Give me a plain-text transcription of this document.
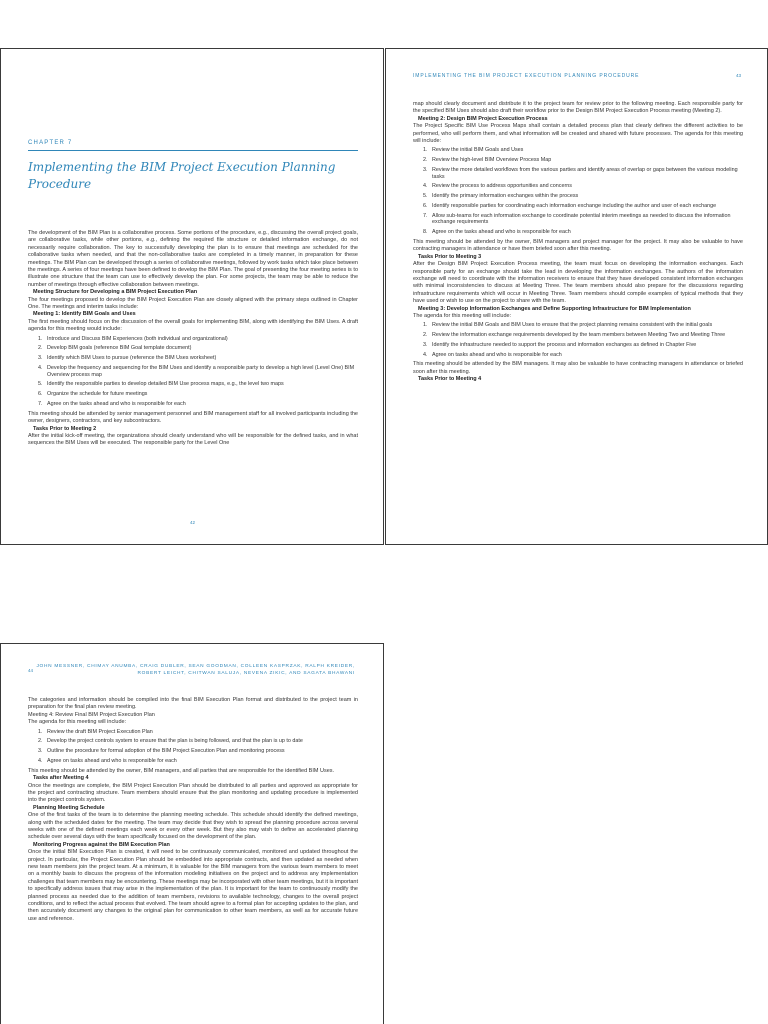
CHAPTER 7
Implementing the BIM Project Execution Planning Procedure

The development of the BIM Plan is a collaborative process. Some portions of the procedure, e.g., discussing the overall project goals, are collaborative tasks, while other portions, e.g., defining the required file structure or detailed information exchange, do not necessarily require collaboration. The key to successfully developing the plan is to ensure that meetings are scheduled for the collaborative tasks when needed, and that the non-collaborative tasks are completed in a timely manner, in preparation for these meetings. The BIM Plan can be developed through a series of collaborative meetings, followed by work tasks which take place between the meetings. A series of four meetings have been defined to develop the BIM Plan. The goal of presenting the four meeting series is to illustrate one structure that the team can use to effectively develop the plan. For some projects, the team may be able to reduce the number of meetings through effective collaboration between meetings.

Meeting Structure for Developing a BIM Project Execution Plan

The four meetings proposed to develop the BIM Project Execution Plan are closely aligned with the primary steps outlined in Chapter One. The meetings and interim tasks include:

Meeting 1: Identify BIM Goals and Uses

The first meeting should focus on the discussion of the overall goals for implementing BIM, along with identifying the BIM Uses. A draft agenda for this meeting would include:

1. Introduce and Discuss BIM Experiences (both individual and organizational)
2. Develop BIM goals (reference BIM Goal template document)
3. Identify which BIM Uses to pursue (reference the BIM Uses worksheet)
4. Develop the frequency and sequencing for the BIM Uses and identify a responsible party to develop a high level (Level One) BIM Overview process map
5. Identify the responsible parties to develop detailed BIM Use process maps, e.g., the level two maps
6. Organize the schedule for future meetings
7. Agree on the tasks ahead and who is responsible for each

This meeting should be attended by senior management personnel and BIM management staff for all involved participants including the owner, designers, contractors, and key subcontractors.

Tasks Prior to Meeting 2

After the initial kick-off meeting, the organizations should clearly understand who will be responsible for the defined tasks, and in what sequences the BIM Uses will be executed. The responsible party for the Level One

42
IMPLEMENTING THE BIM PROJECT EXECUTION PLANNING PROCEDURE	43

map should clearly document and distribute it to the project team for review prior to the following meeting. Each responsible party for the specified BIM Uses should also draft their workflow prior to the Design BIM Project Execution Process meeting (Meeting 2).

Meeting 2: Design BIM Project Execution Process

The Project Specific BIM Use Process Maps shall contain a detailed process plan that clearly defines the different activities to be performed, who will perform them, and what information will be created and shared with future processes. The agenda for this meeting will include:

1. Review the initial BIM Goals and Uses
2. Review the high-level BIM Overview Process Map
3. Review the more detailed workflows from the various parties and identify areas of overlap or gaps between the various modeling tasks
4. Review the process to address opportunities and concerns
5. Identify the primary information exchanges within the process
6. Identify responsible parties for coordinating each information exchange including the author and user of each exchange
7. Allow sub-teams for each information exchange to coordinate potential interim meetings as needed to discuss the information exchange requirements
8. Agree on the tasks ahead and who is responsible for each

This meeting should be attended by the owner, BIM managers and project manager for the project. It may also be valuable to have contracting managers in attendance or have them briefed soon after this meeting.

Tasks Prior to Meeting 3

After the Design BIM Project Execution Process meeting, the team must focus on developing the information exchanges. Each responsible party for an exchange should take the lead in developing the information exchanges. The authors of the information exchange will need to coordinate with the information receivers to ensure that they have developed consistent information exchanges with minimal inconsistencies to discuss at Meeting Three. The team members should also prepare for the discussions regarding infrastructure requirements which will occur in Meeting Three. Team members should compile examples of typical methods that they have used or wish to use on the project to share with the team.

Meeting 3: Develop Information Exchanges and Define Supporting Infrastructure for BIM Implementation

The agenda for this meeting will include:

1. Review the initial BIM Goals and BIM Uses to ensure that the project planning remains consistent with the initial goals
2. Review the information exchange requirements developed by the team members between Meeting Two and Meeting Three
3. Identify the infrastructure needed to support the process and information exchanges as defined in Chapter Five
4. Agree on tasks ahead and who is responsible for each

This meeting should be attended by the BIM managers. It may also be valuable to have contracting managers in attendance or briefed soon after this meeting.

Tasks Prior to Meeting 4

44
JOHN MESSNER, CHIMAY ANUMBA, CRAIG DUBLER, SEAN GOODMAN, COLLEEN KASPRZAK, RALPH KREIDER,
ROBERT LEICHT, CHITWAN SALUJA, NEVENA ZIKIC, AND SAGATA BHAWANI

The categories and information should be compiled into the final BIM Execution Plan format and distributed to the project team in preparation for the final plan review meeting.

Meeting 4: Review Final BIM Project Execution Plan

The agenda for this meeting will include:

1. Review the draft BIM Project Execution Plan
2. Develop the project controls system to ensure that the plan is being followed, and that the plan is up to date
3. Outline the procedure for formal adoption of the BIM Project Execution Plan and monitoring process
4. Agree on tasks ahead and who is responsible for each

This meeting should be attended by the owner, BIM managers, and all parties that are responsible for the identified BIM Uses.

Tasks after Meeting 4

Once the meetings are complete, the BIM Project Execution Plan should be distributed to all parties and approved as appropriate for the project and contracting structure. Team members should ensure that the plan monitoring and updating procedure is implemented into the project controls system.

Planning Meeting Schedule

One of the first tasks of the team is to determine the planning meeting schedule. This schedule should identify the defined meetings, along with the scheduled dates for the meeting. The team may decide that they wish to spread the planning procedure across several weeks with one of the defined meetings each week or every other week. But they also may wish to define an accelerated planning schedule over several days with the team specifically focused on the development of the plan.

Monitoring Progress against the BIM Execution Plan

Once the initial BIM Execution Plan is created, it will need to be continuously communicated, monitored and updated throughout the project. In particular, the Project Execution Plan should be embedded into appropriate contracts, and then updated as needed when new team members join the project team. At a minimum, it is valuable for the BIM managers from the various team members to meet on a monthly basis to discuss the progress of the information modeling initiatives on the project and to address any implementation challenges that team members may be encountering. These meetings may be incorporated with other team meetings, but it is important to specifically address issues that may arise in the implementation of the plan. It is important for the team to continuously modify the planned process as needed due to the addition of team members, revisions to available technology, changes to the overall project conditions, and to reflect the actual process that evolved. The team should agree to a formal plan for accepting updates to the plan, and then accurately document any changes to the original plan for communication to other team members, as well as for accurate future use and reference.
